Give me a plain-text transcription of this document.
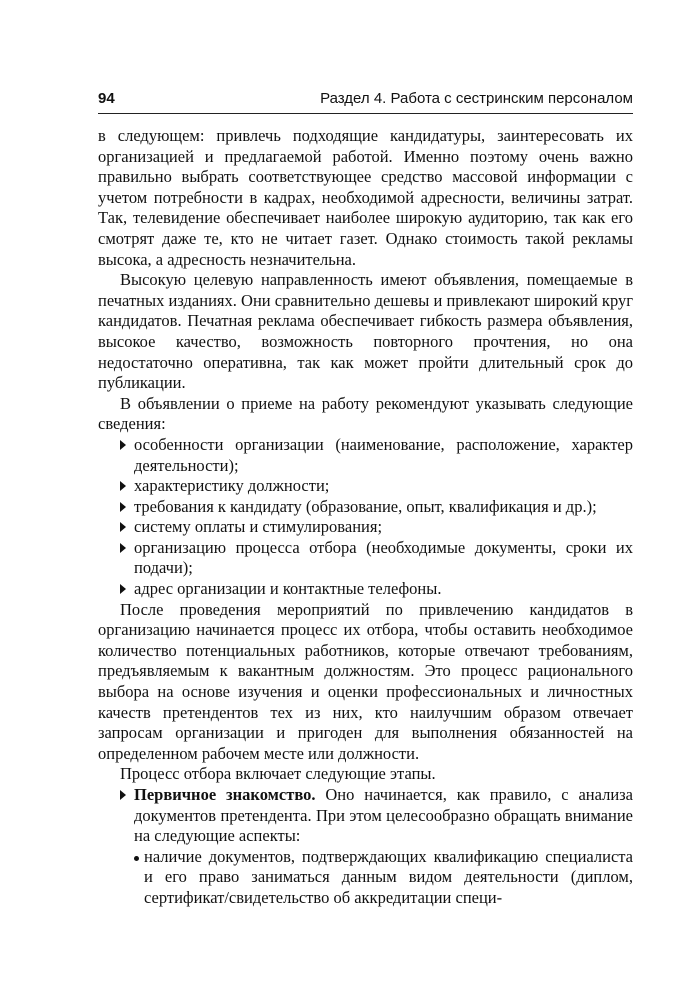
94	Раздел 4. Работа с сестринским персоналом

в следующем: привлечь подходящие кандидатуры, заинтересовать их организацией и предлагаемой работой. Именно поэтому очень важно правильно выбрать соответствующее средство массовой информации с учетом потребности в кадрах, необходимой адресности, величины затрат. Так, телевидение обеспечивает наиболее широкую аудиторию, так как его смотрят даже те, кто не читает газет. Однако стоимость такой рекламы высока, а адресность незначительна.

Высокую целевую направленность имеют объявления, помещаемые в печатных изданиях. Они сравнительно дешевы и привлекают широкий круг кандидатов. Печатная реклама обеспечивает гибкость размера объявления, высокое качество, возможность повторного прочтения, но она недостаточно оперативна, так как может пройти длительный срок до публикации.

В объявлении о приеме на работу рекомендуют указывать следующие сведения:

особенности организации (наименование, расположение, характер деятельности);
характеристику должности;
требования к кандидату (образование, опыт, квалификация и др.);
систему оплаты и стимулирования;
организацию процесса отбора (необходимые документы, сроки их подачи);
адрес организации и контактные телефоны.

После проведения мероприятий по привлечению кандидатов в организацию начинается процесс их отбора, чтобы оставить необходимое количество потенциальных работников, которые отвечают требованиям, предъявляемым к вакантным должностям. Это процесс рационального выбора на основе изучения и оценки профессиональных и личностных качеств претендентов тех из них, кто наилучшим образом отвечает запросам организации и пригоден для выполнения обязанностей на определенном рабочем месте или должности.

Процесс отбора включает следующие этапы.

Первичное знакомство. Оно начинается, как правило, с анализа документов претендента. При этом целесообразно обращать внимание на следующие аспекты:
наличие документов, подтверждающих квалификацию специалиста и его право заниматься данным видом деятельности (диплом, сертификат/свидетельство об аккредитации специ-
